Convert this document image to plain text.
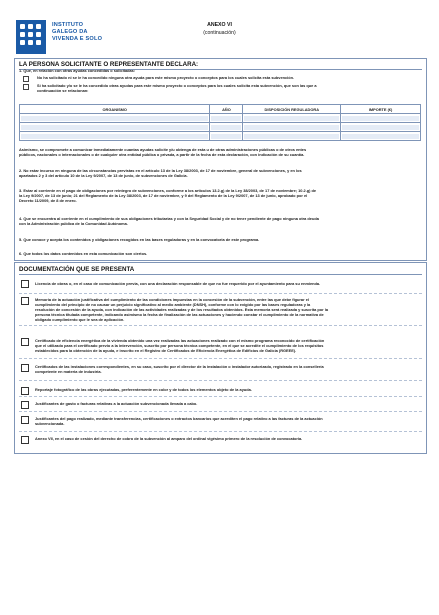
INSTITUTO
GALEGO DA
VIVENDA E SOLO
ANEXO VI
(continuación)
LA PERSONA SOLICITANTE O REPRESENTANTE DECLARA:
1. Que, en relación con otras ayudas concedidas o solicitadas:
No ha solicitado ni se le ha concedido ninguna otra ayuda para este mismo proyecto o conceptos para los cuales solicita esta subvención.
Sí ha solicitado y/o se le ha concedido otras ayudas para este mismo proyecto o conceptos para los cuales solicita esta subvención, que son las que a
continuación se relacionan:
ORGANISMO	AÑO	DISPOSICIÓN REGULADORA	IMPORTE (€)

Asimismo, se compromete a comunicar inmediatamente cuantas ayudas solicite y/u obtenga de esta u de otras administraciones públicas o de otros entes
públicos, nacionales o internacionales o de cualquier otra entidad pública o privada, a partir de la fecha de esta declaración, con indicación de su cuantía.
2. No estar incurso en ninguna de las circunstancias previstas en el artículo 13 de la Ley 38/2003, de 17 de noviembre, general de subvenciones, y en los
apartados 2 y 3 del artículo 10 de la Ley 9/2007, de 13 de junio, de subvenciones de Galicia.
3. Estar al corriente en el pago de obligaciones por reintegro de subvenciones, conforme a los artículos 13.2.g) de la Ley 38/2003, de 17 de noviembre; 10.2.g) de
la Ley 9/2007, de 13 de junio; 21 del Reglamento de la Ley 38/2003, de 17 de noviembre, y 9 del Reglamento de la Ley 9/2007, de 13 de junio, aprobado por el
Decreto 11/2009, de 8 de enero.
4. Que se encuentra al corriente en el cumplimiento de sus obligaciones tributarias y con la Seguridad Social y de no tener pendiente de pago ninguna otra deuda
con la Administración pública de la Comunidad Autónoma.
5. Que conoce y acepta los contenidos y obligaciones recogidos en las bases reguladoras y en la convocatoria de este programa.
6. Que todos los datos contenidos en esta comunicación son ciertos.
DOCUMENTACIÓN QUE SE PRESENTA
Licencia de obras o, en el caso de comunicación previa, con una declaración responsable de que no fue requerido por el ayuntamiento para su enmienda.
Memoria de la actuación justificativa del cumplimiento de las condiciones impuestas en la concesión de la subvención, entre las que debe figurar el
cumplimiento del principio de no causar un perjuicio significativo al medio ambiente (DNSH), conforme con lo exigido por las bases reguladoras y la
resolución de concesión de la ayuda, con indicación de las actividades realizadas y de los resultados obtenidos. Esta memoria será realizada y suscrita por la
persona técnica titulada competente, indicando asimismo la fecha de finalización de las actuaciones y haciendo constar el cumplimiento de la normativa de
obligado cumplimiento que le sea de aplicación.
Certificado de eficiencia energética de la vivienda obtenido una vez realizadas las actuaciones realizado con el mismo programa reconocido de certificación
que el utilizado para el certificado previo a la intervención, suscrito por persona técnica competente, en el que se acredite el cumplimiento de los requisitos
establecidos para la obtención de la ayuda, e inscrito en el Registro de Certificados de Eficiencia Energética de Edificios de Galicia (RGEEE).
Certificados de las instalaciones correspondientes, en su caso, suscrito por el director de la instalación o instalador autorizado, registrado en la consellería
competente en materia de industria.
Reportaje fotográfico de las obras ejecutadas, preferentemente en color y de todos los elementos objeto de la ayuda.
Justificantes de gasto o facturas relativas a la actuación subvencionada llevada a cabo.
Justificantes del pago realizado, mediante transferencias, certificaciones o extractos bancarios que acrediten el pago relativo a las facturas de la actuación
subvencionada.
Anexo VII, en el caso de cesión del derecho de cobro de la subvención al amparo del ordinal vigésimo primero de la resolución de convocatoria.
